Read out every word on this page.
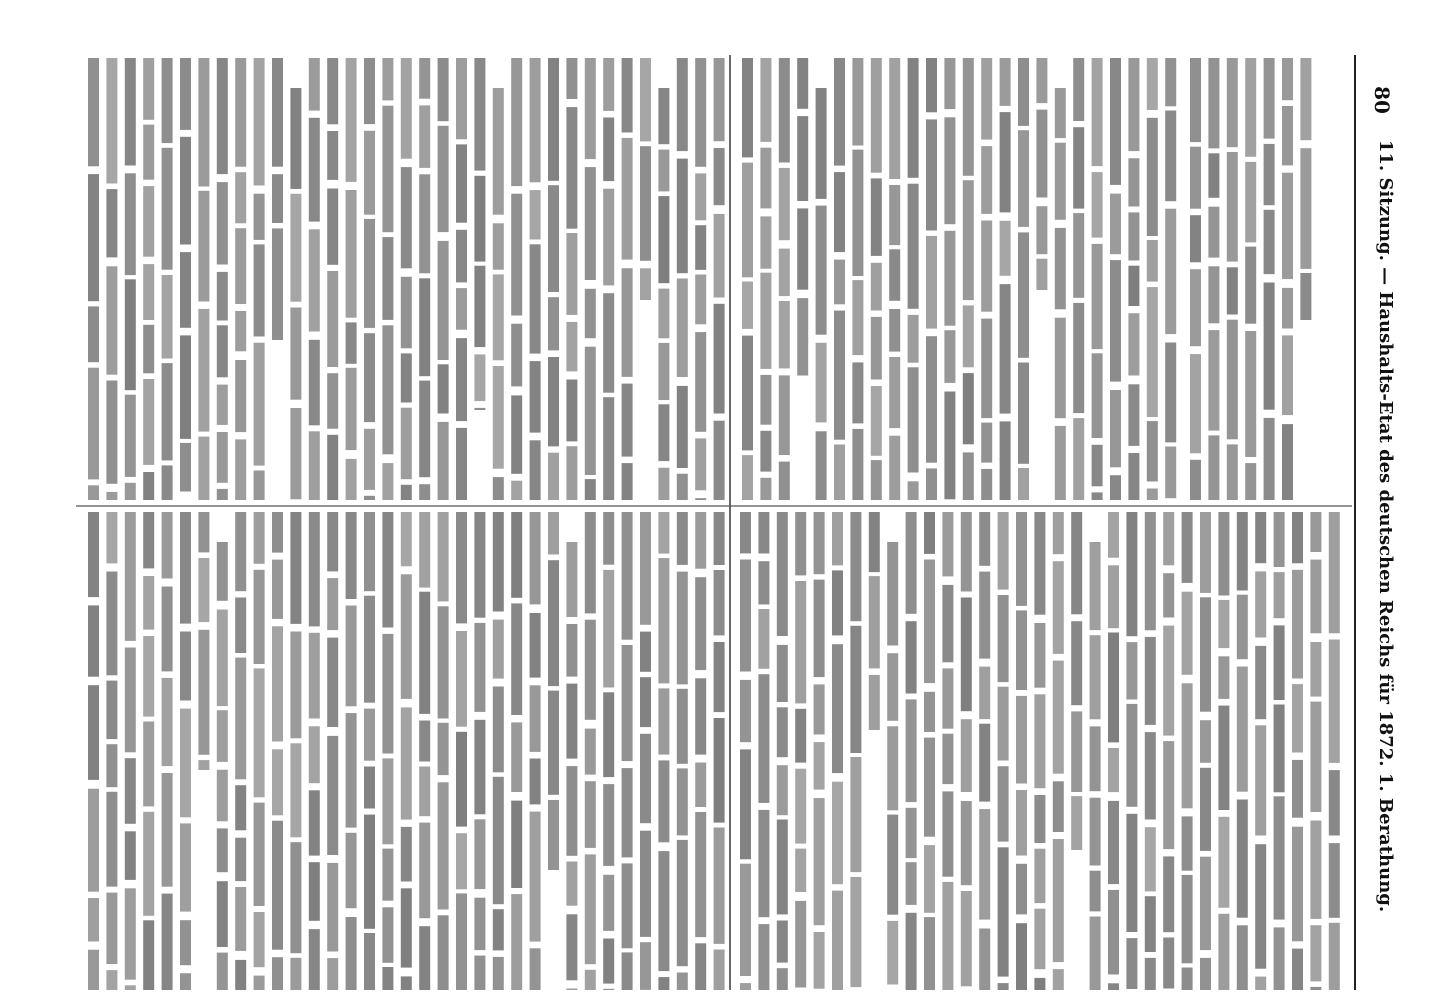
11. Sitzung. — Haushalts-Etat des deutschen Reichs für 1872. 1. Berathung.
80
